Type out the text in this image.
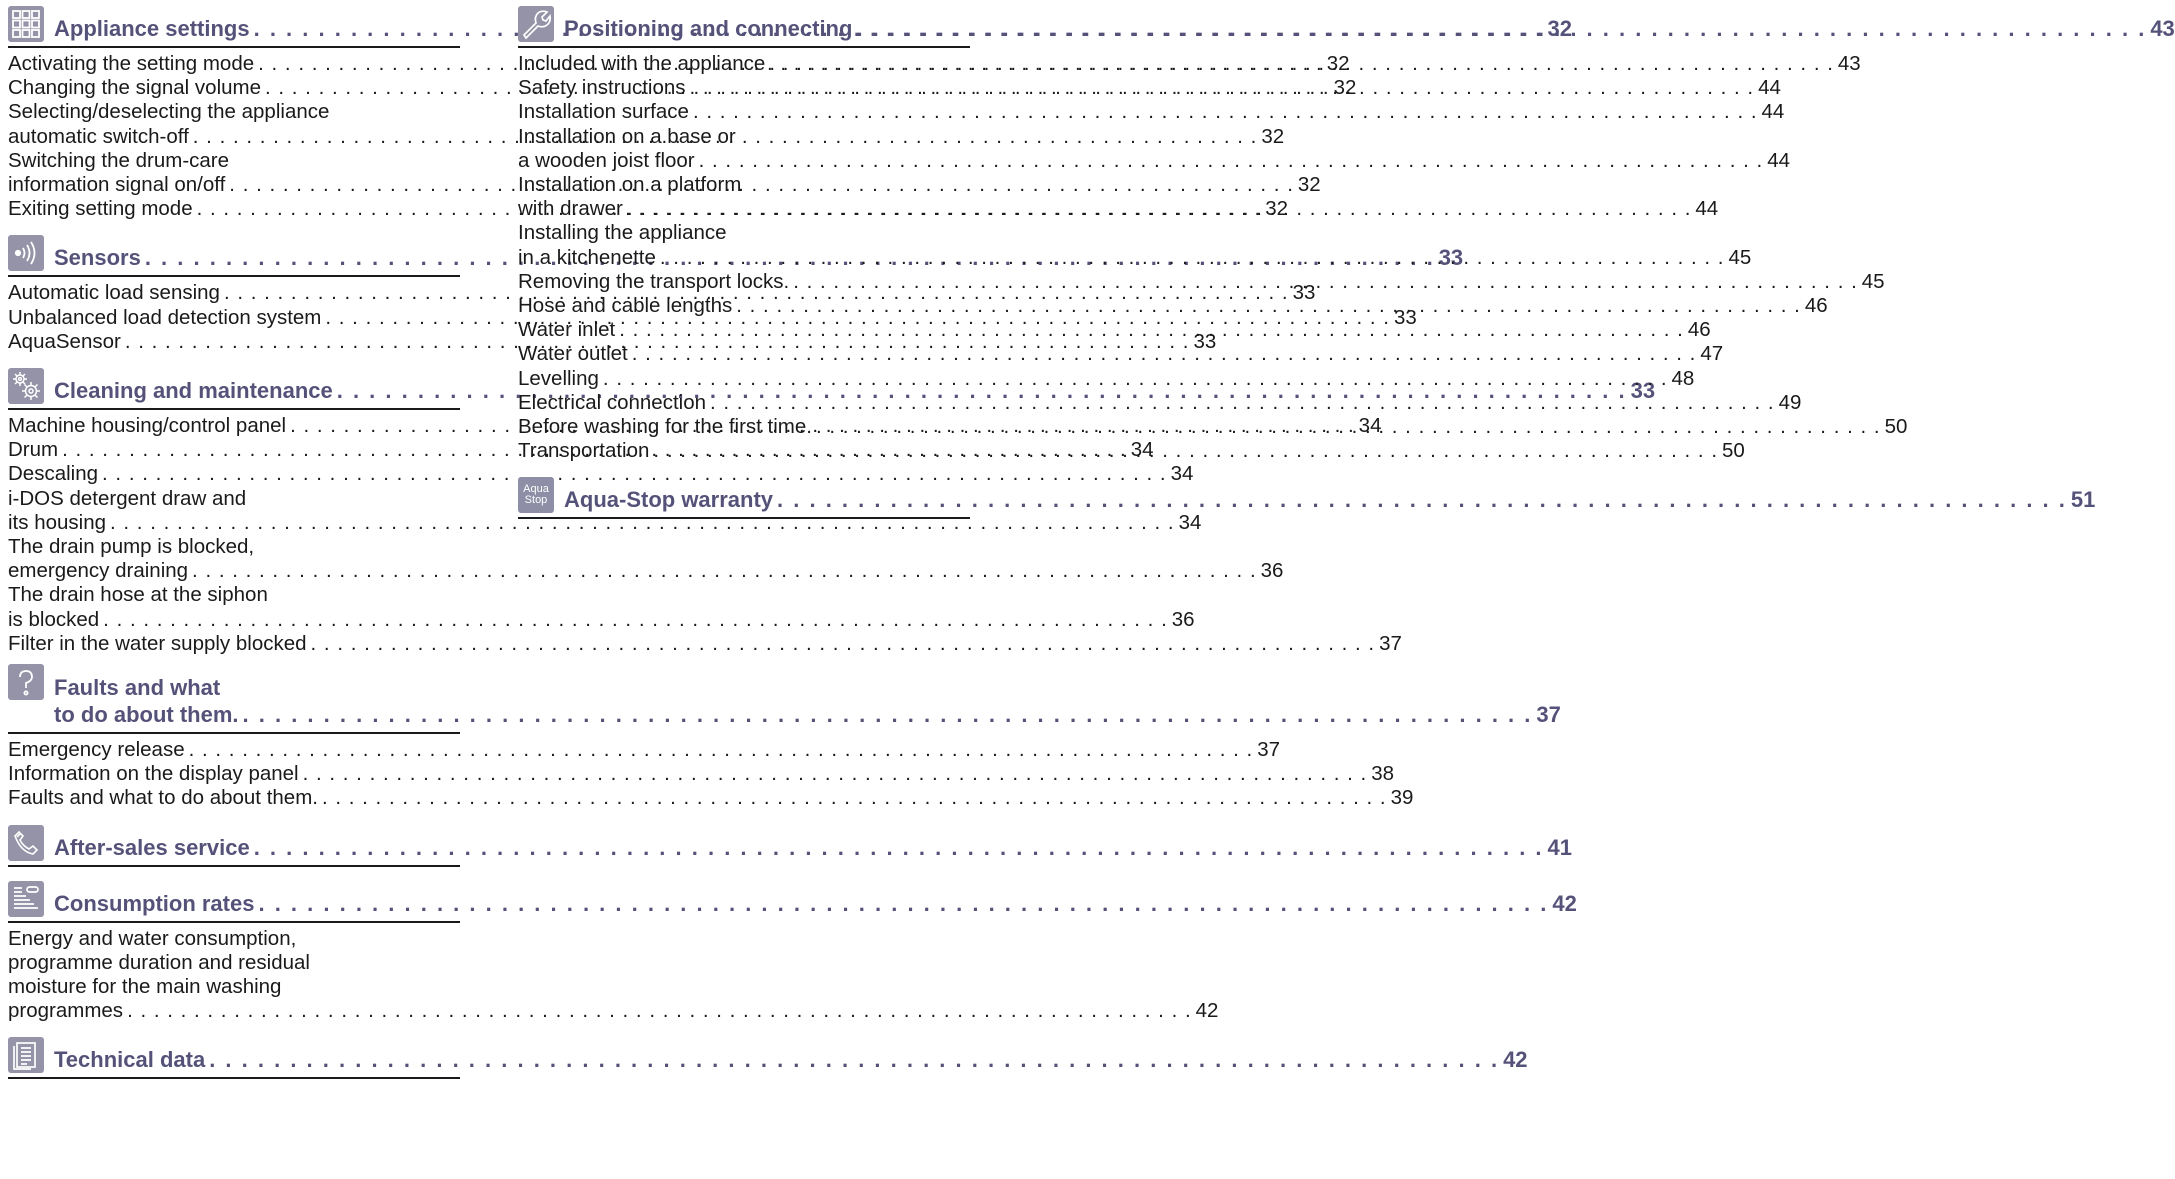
Appliance settings . . .	32
Activating the setting mode . . .	32
Changing the signal volume . . .	32
Selecting/deselecting the appliance
automatic switch-off . . .	32
Switching the drum-care
information signal on/off . . .	32
Exiting setting mode . . .	32
Sensors . . .	33
Automatic load sensing . . .	33
Unbalanced load detection system . . .	33
AquaSensor . . .	33
Cleaning and maintenance . . .	33
Machine housing/control panel . . .	34
Drum . . .	34
Descaling . . .	34
i-DOS detergent draw and
its housing . . .	34
The drain pump is blocked,
emergency draining . . .	36
The drain hose at the siphon
is blocked . . .	36
Filter in the water supply blocked . . .	37
Faults and what
to do about them. . . .	37
Emergency release . . .	37
Information on the display panel . . .	38
Faults and what to do about them. . . .	39
After-sales service . . .	41
Consumption rates . . .	42
Energy and water consumption,
programme duration and residual
moisture for the main washing
programmes . . .	42
Technical data . . .	42
Positioning and connecting . . .	43
Included with the appliance . . .	43
Safety instructions . . .	44
Installation surface . . .	44
Installation on a base or
a wooden joist floor . . .	44
Installation on a platform
with drawer . . .	44
Installing the appliance
in a kitchenette . . .	45
Removing the transport locks. . . .	45
Hose and cable lengths . . .	46
Water inlet . . .	46
Water outlet . . .	47
Levelling . . .	48
Electrical connection . . .	49
Before washing for the first time. . . .	50
Transportation . . .	50
Aqua
Stop Aqua-Stop warranty . . .	51
